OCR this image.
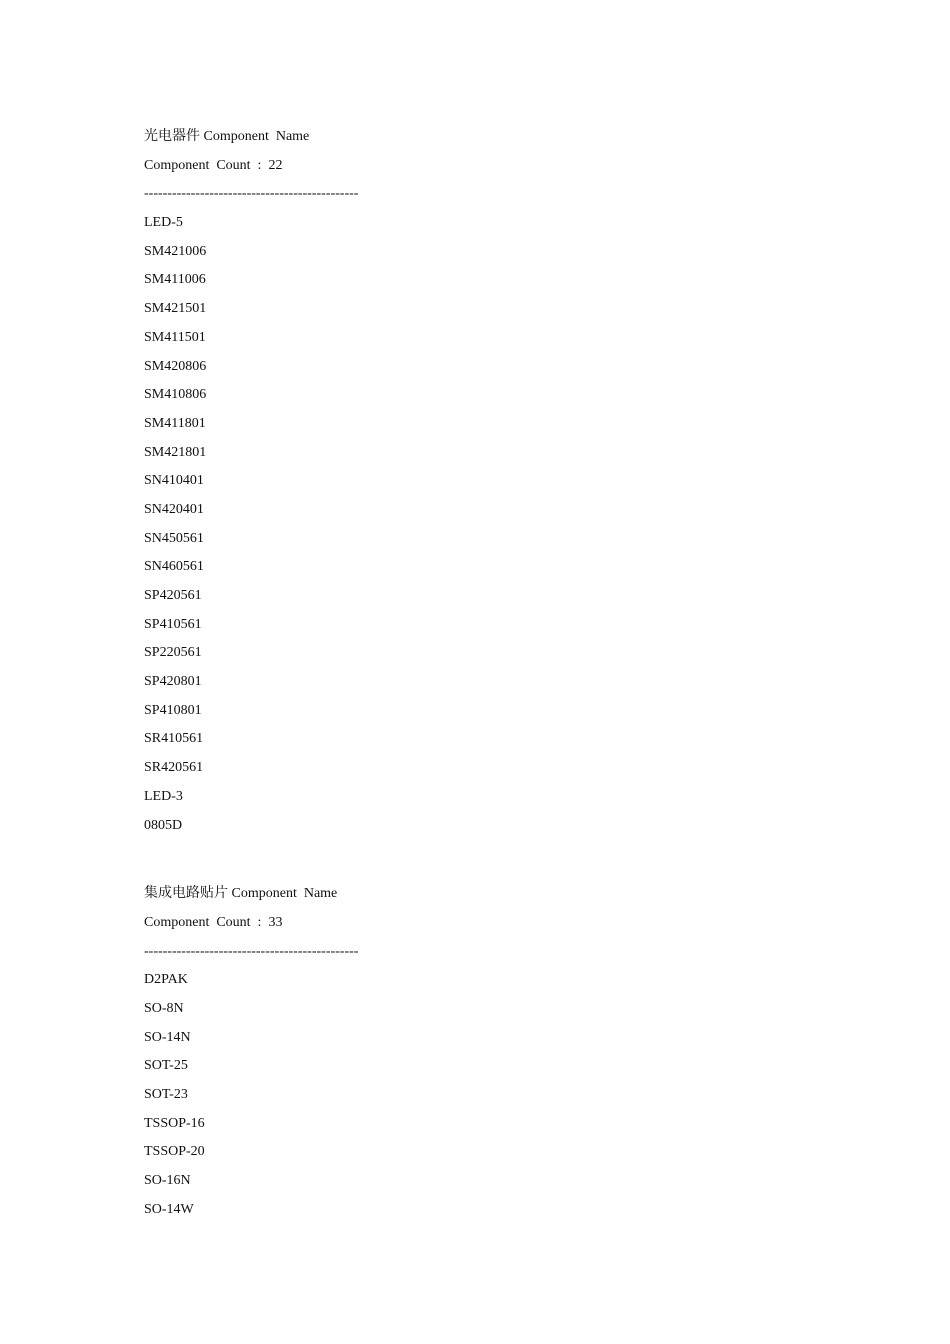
光电器件 Component  Name
Component  Count  :  22
----------------------------------------------
LED-5
SM421006
SM411006
SM421501
SM411501
SM420806
SM410806
SM411801
SM421801
SN410401
SN420401
SN450561
SN460561
SP420561
SP410561
SP220561
SP420801
SP410801
SR410561
SR420561
LED-3
0805D
集成电路贴片 Component  Name
Component  Count  :  33
----------------------------------------------
D2PAK
SO-8N
SO-14N
SOT-25
SOT-23
TSSOP-16
TSSOP-20
SO-16N
SO-14W
